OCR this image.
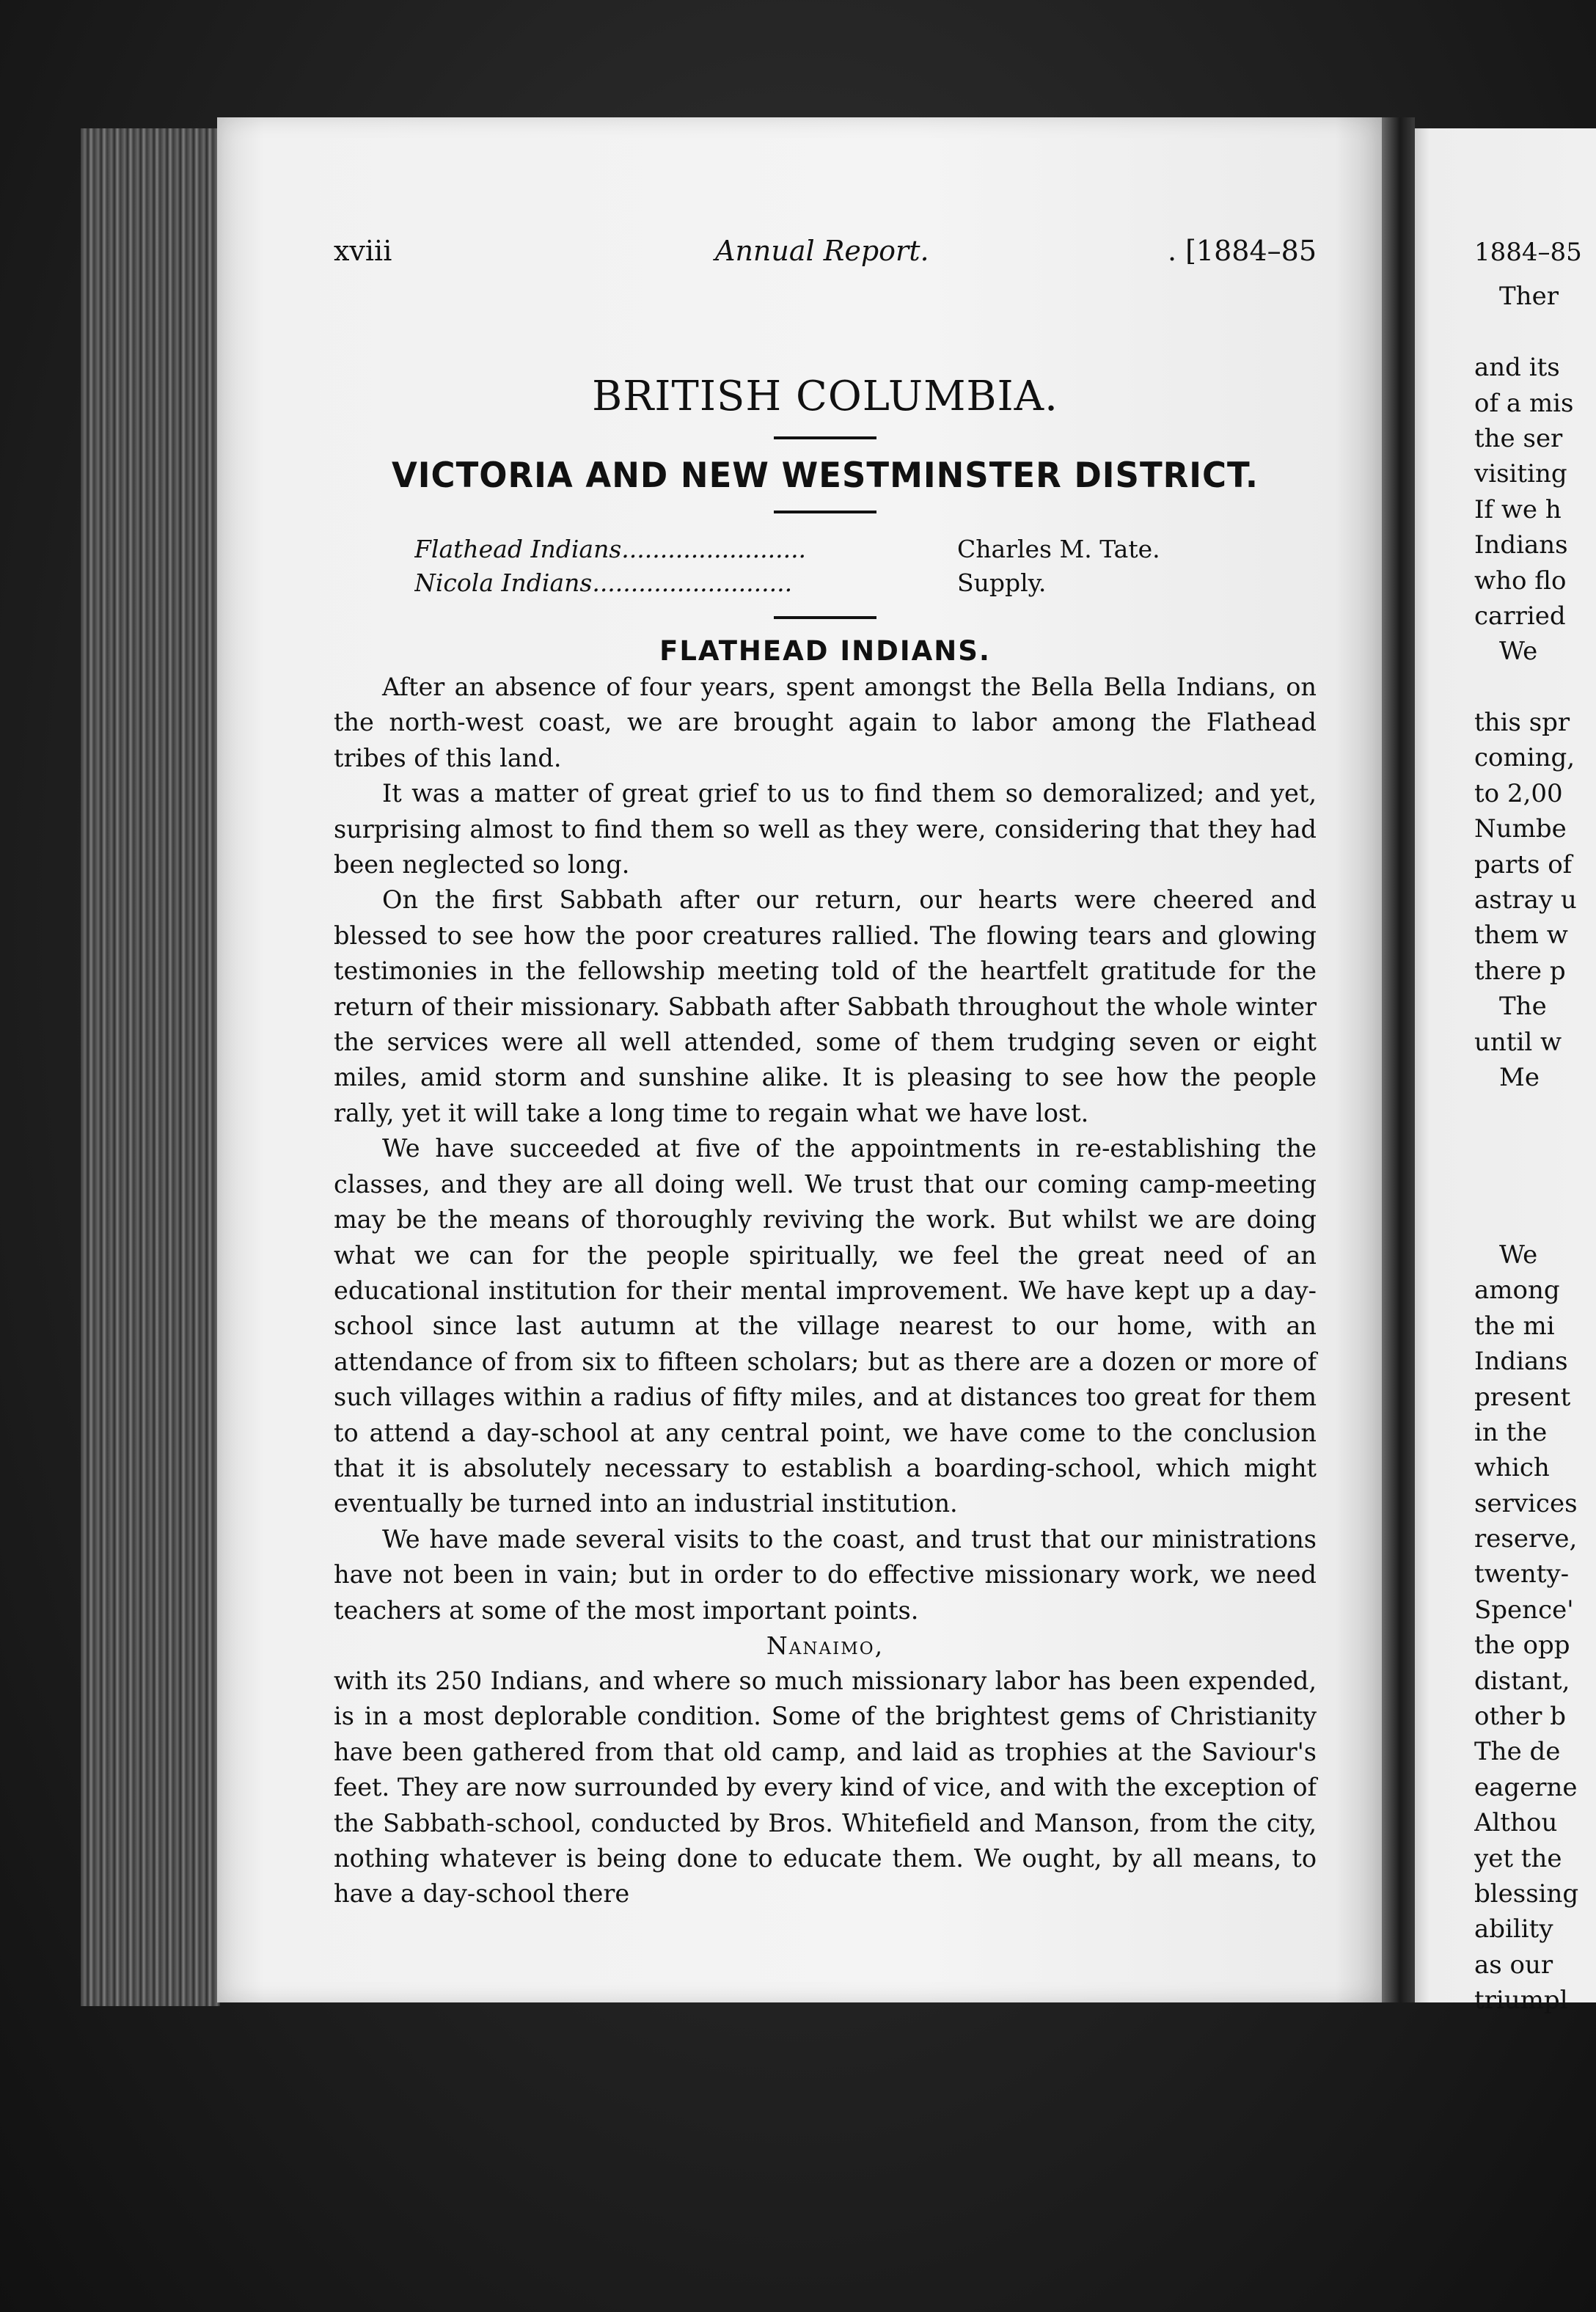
xviii	Annual Report.	. [1884–85
BRITISH COLUMBIA.
VICTORIA AND NEW WESTMINSTER DISTRICT.
Flathead Indians........................	Charles M. Tate.
Nicola Indians..........................	Supply.
FLATHEAD INDIANS.

After an absence of four years, spent amongst the Bella Bella Indians, on the north-west coast, we are brought again to labor among the Flathead tribes of this land.

It was a matter of great grief to us to find them so demoralized; and yet, surprising almost to find them so well as they were, considering that they had been neglected so long.

On the first Sabbath after our return, our hearts were cheered and blessed to see how the poor creatures rallied. The flowing tears and glowing testimonies in the fellowship meeting told of the heartfelt gratitude for the return of their missionary. Sabbath after Sabbath throughout the whole winter the services were all well attended, some of them trudging seven or eight miles, amid storm and sunshine alike. It is pleasing to see how the people rally, yet it will take a long time to regain what we have lost.

We have succeeded at five of the appointments in re-establishing the classes, and they are all doing well. We trust that our coming camp-meeting may be the means of thoroughly reviving the work. But whilst we are doing what we can for the people spiritually, we feel the great need of an educational institution for their mental improvement. We have kept up a day-school since last autumn at the village nearest to our home, with an attendance of from six to fifteen scholars; but as there are a dozen or more of such villages within a radius of fifty miles, and at distances too great for them to attend a day-school at any central point, we have come to the conclusion that it is absolutely necessary to establish a boarding-school, which might eventually be turned into an industrial institution.

We have made several visits to the coast, and trust that our ministrations have not been in vain; but in order to do effective missionary work, we need teachers at some of the most important points.

Nanaimo,

with its 250 Indians, and where so much missionary labor has been expended, is in a most deplorable condition. Some of the brightest gems of Christianity have been gathered from that old camp, and laid as trophies at the Saviour's feet. They are now surrounded by every kind of vice, and with the exception of the Sabbath-school, conducted by Bros. Whitefield and Manson, from the city, nothing whatever is being done to educate them. We ought, by all means, to have a day-school there

1884–85
 Ther
and its
of a mis
the ser
visiting
If we h
Indians
who flo
carried
 We
this spr
coming,
to 2,00
Numbe
parts of
astray u
them w
there p
 The
until w
 Me
 We
among
the mi
Indians
present
in the
which
services
reserve,
twenty-
Spence'
the opp
distant,
other b
The de
eagerne
Althou
yet the
blessing
ability
as our
triumpl
